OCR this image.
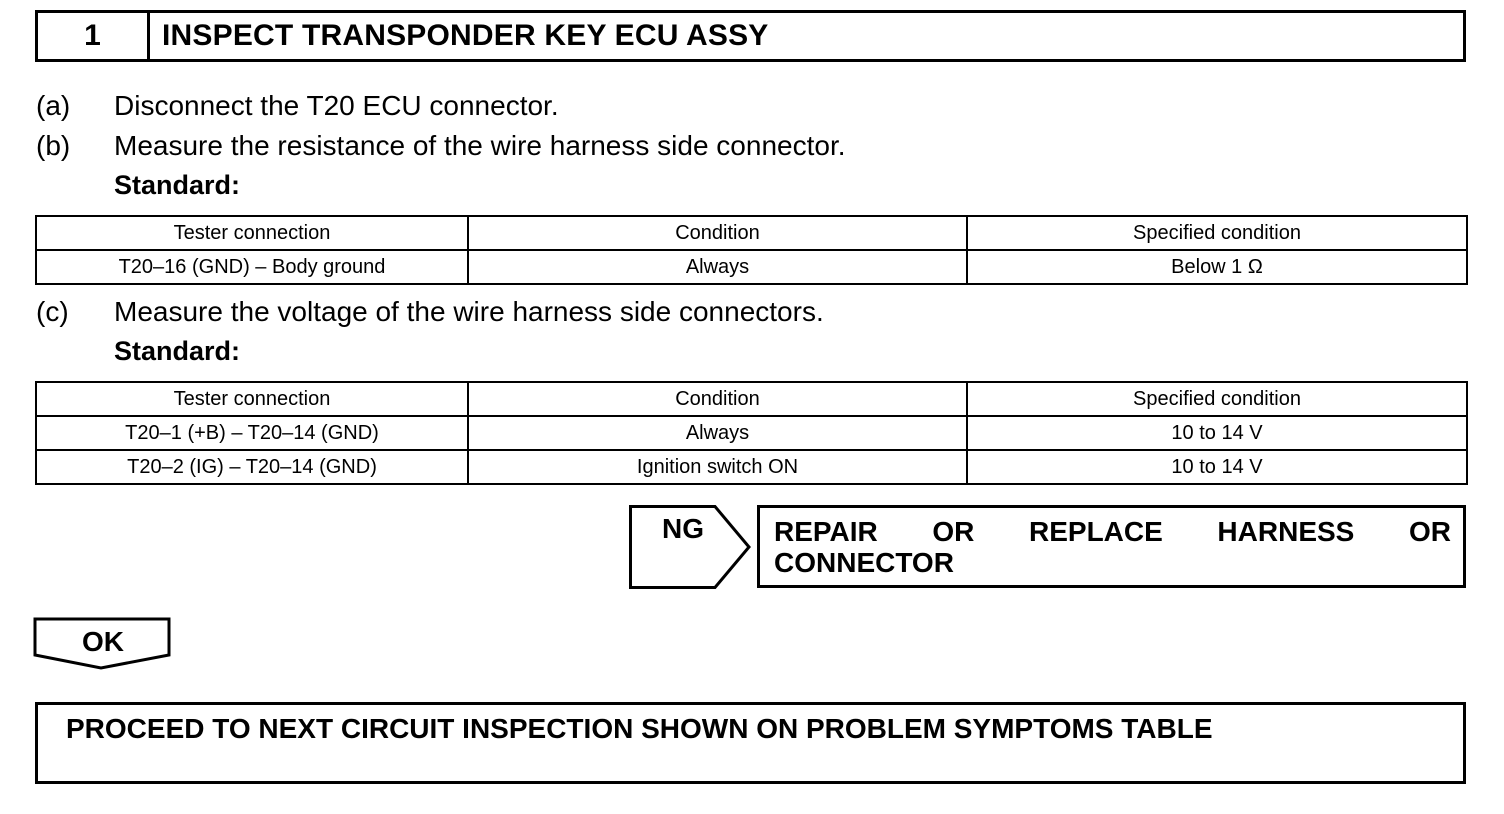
1	INSPECT TRANSPONDER KEY ECU ASSY
(a) Disconnect the T20 ECU connector.
(b) Measure the resistance of the wire harness side connector.
Standard:
Tester connection	Condition	Specified condition
T20–16 (GND) – Body ground	Always	Below 1 Ω
(c) Measure the voltage of the wire harness side connectors.
Standard:
Tester connection	Condition	Specified condition
T20–1 (+B) – T20–14 (GND)	Always	10 to 14 V
T20–2 (IG) – T20–14 (GND)	Ignition switch ON	10 to 14 V
NG	REPAIR OR REPLACE HARNESS OR CONNECTOR
OK
PROCEED TO NEXT CIRCUIT INSPECTION SHOWN ON PROBLEM SYMPTOMS TABLE
